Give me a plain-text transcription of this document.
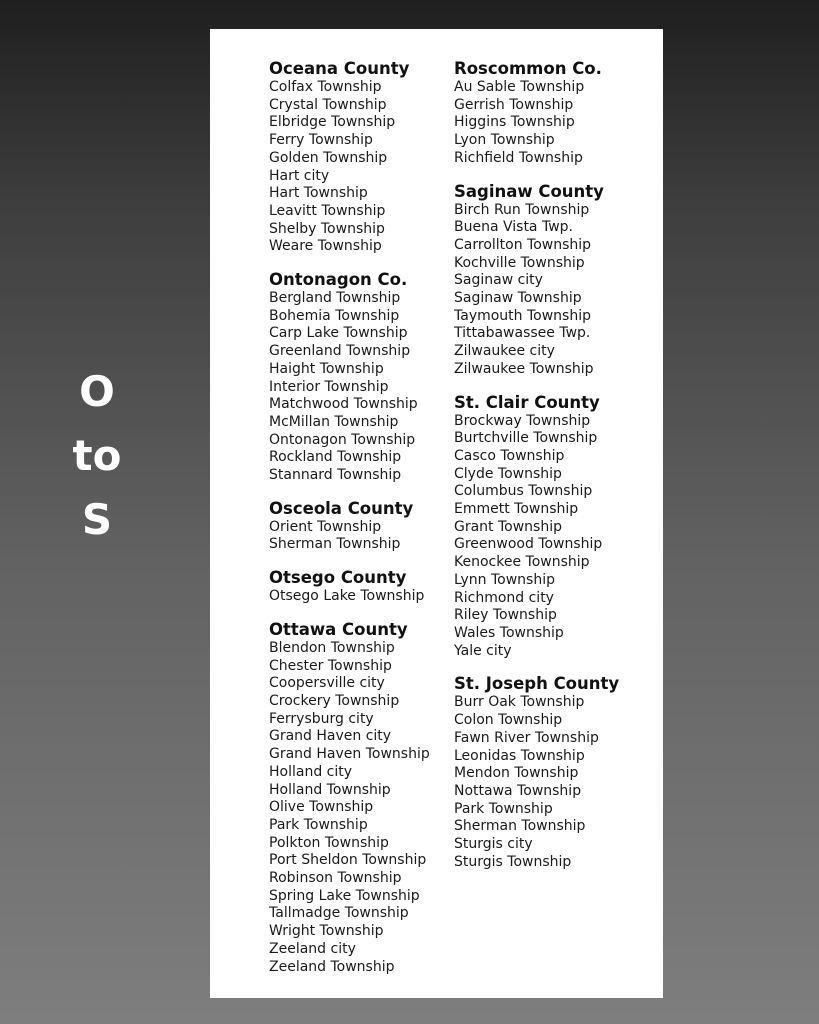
O
to
S
Oceana County
Colfax Township
Crystal Township
Elbridge Township
Ferry Township
Golden Township
Hart city
Hart Township
Leavitt Township
Shelby Township
Weare Township
Ontonagon Co.
Bergland Township
Bohemia Township
Carp Lake Township
Greenland Township
Haight Township
Interior Township
Matchwood Township
McMillan Township
Ontonagon Township
Rockland Township
Stannard Township
Osceola County
Orient Township
Sherman Township
Otsego County
Otsego Lake Township
Ottawa County
Blendon Township
Chester Township
Coopersville city
Crockery Township
Ferrysburg city
Grand Haven city
Grand Haven Township
Holland city
Holland Township
Olive Township
Park Township
Polkton Township
Port Sheldon Township
Robinson Township
Spring Lake Township
Tallmadge Township
Wright Township
Zeeland city
Zeeland Township
Roscommon Co.
Au Sable Township
Gerrish Township
Higgins Township
Lyon Township
Richfield Township
Saginaw County
Birch Run Township
Buena Vista Twp.
Carrollton Township
Kochville Township
Saginaw city
Saginaw Township
Taymouth Township
Tittabawassee Twp.
Zilwaukee city
Zilwaukee Township
St. Clair County
Brockway Township
Burtchville Township
Casco Township
Clyde Township
Columbus Township
Emmett Township
Grant Township
Greenwood Township
Kenockee Township
Lynn Township
Richmond city
Riley Township
Wales Township
Yale city
St. Joseph County
Burr Oak Township
Colon Township
Fawn River Township
Leonidas Township
Mendon Township
Nottawa Township
Park Township
Sherman Township
Sturgis city
Sturgis Township
